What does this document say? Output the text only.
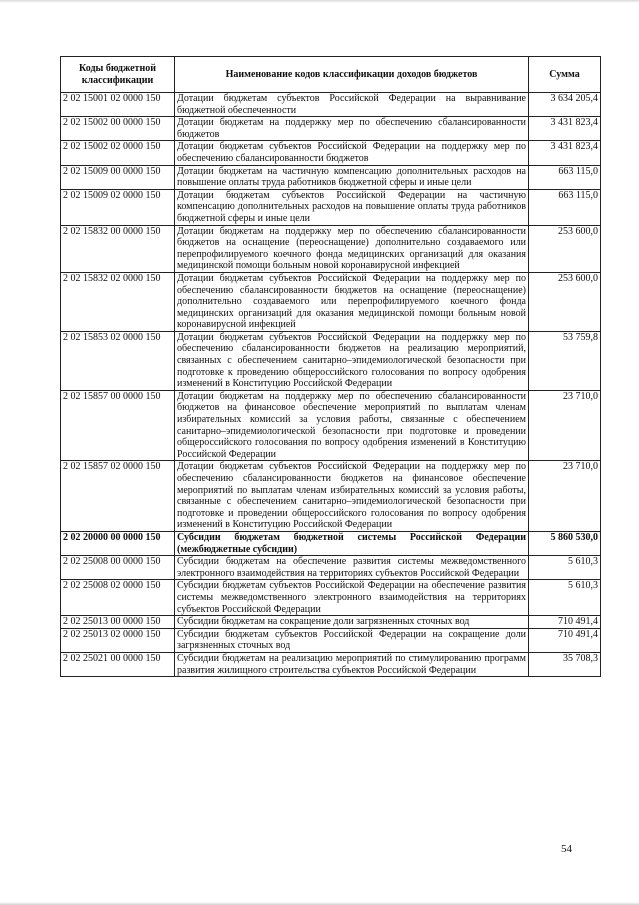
Коды бюджетной классификации	Наименование кодов классификации доходов бюджетов	Сумма
2 02 15001 02 0000 150	Дотации бюджетам субъектов Российской Федерации на выравнивание бюджетной обеспеченности	3 634 205,4
2 02 15002 00 0000 150	Дотации бюджетам на поддержку мер по обеспечению сбалансированности бюджетов	3 431 823,4
2 02 15002 02 0000 150	Дотации бюджетам субъектов Российской Федерации на поддержку мер по обеспечению сбалансированности бюджетов	3 431 823,4
2 02 15009 00 0000 150	Дотации бюджетам на частичную компенсацию дополнительных расходов на повышение оплаты труда работников бюджетной сферы и иные цели	663 115,0
2 02 15009 02 0000 150	Дотации бюджетам субъектов Российской Федерации на частичную компенсацию дополнительных расходов на повышение оплаты труда работников бюджетной сферы и иные цели	663 115,0
2 02 15832 00 0000 150	Дотации бюджетам на поддержку мер по обеспечению сбалансированности бюджетов на оснащение (переоснащение) дополнительно создаваемого или перепрофилируемого коечного фонда медицинских организаций для оказания медицинской помощи больным новой коронавирусной инфекцией	253 600,0
2 02 15832 02 0000 150	Дотации бюджетам субъектов Российской Федерации на поддержку мер по обеспечению сбалансированности бюджетов на оснащение (переоснащение) дополнительно создаваемого или перепрофилируемого коечного фонда медицинских организаций для оказания медицинской помощи больным новой коронавирусной инфекцией	253 600,0
2 02 15853 02 0000 150	Дотации бюджетам субъектов Российской Федерации на поддержку мер по обеспечению сбалансированности бюджетов на реализацию мероприятий, связанных с обеспечением санитарно–эпидемиологической безопасности при подготовке к проведению общероссийского голосования по вопросу одобрения изменений в Конституцию Российской Федерации	53 759,8
2 02 15857 00 0000 150	Дотации бюджетам на поддержку мер по обеспечению сбалансированности бюджетов на финансовое обеспечение мероприятий по выплатам членам избирательных комиссий за условия работы, связанные с обеспечением санитарно–эпидемиологической безопасности при подготовке и проведении общероссийского голосования по вопросу одобрения изменений в Конституцию Российской Федерации	23 710,0
2 02 15857 02 0000 150	Дотации бюджетам субъектов Российской Федерации на поддержку мер по обеспечению сбалансированности бюджетов на финансовое обеспечение мероприятий по выплатам членам избирательных комиссий за условия работы, связанные с обеспечением санитарно–эпидемиологической безопасности при подготовке и проведении общероссийского голосования по вопросу одобрения изменений в Конституцию Российской Федерации	23 710,0
2 02 20000 00 0000 150	Субсидии бюджетам бюджетной системы Российской Федерации (межбюджетные субсидии)	5 860 530,0
2 02 25008 00 0000 150	Субсидии бюджетам на обеспечение развития системы межведомственного электронного взаимодействия на территориях субъектов Российской Федерации	5 610,3
2 02 25008 02 0000 150	Субсидии бюджетам субъектов Российской Федерации на обеспечение развития системы межведомственного электронного взаимодействия на территориях субъектов Российской Федерации	5 610,3
2 02 25013 00 0000 150	Субсидии бюджетам на сокращение доли загрязненных сточных вод	710 491,4
2 02 25013 02 0000 150	Субсидии бюджетам субъектов Российской Федерации на сокращение доли загрязненных сточных вод	710 491,4
2 02 25021 00 0000 150	Субсидии бюджетам на реализацию мероприятий по стимулированию программ развития жилищного строительства субъектов Российской Федерации	35 708,3
54
